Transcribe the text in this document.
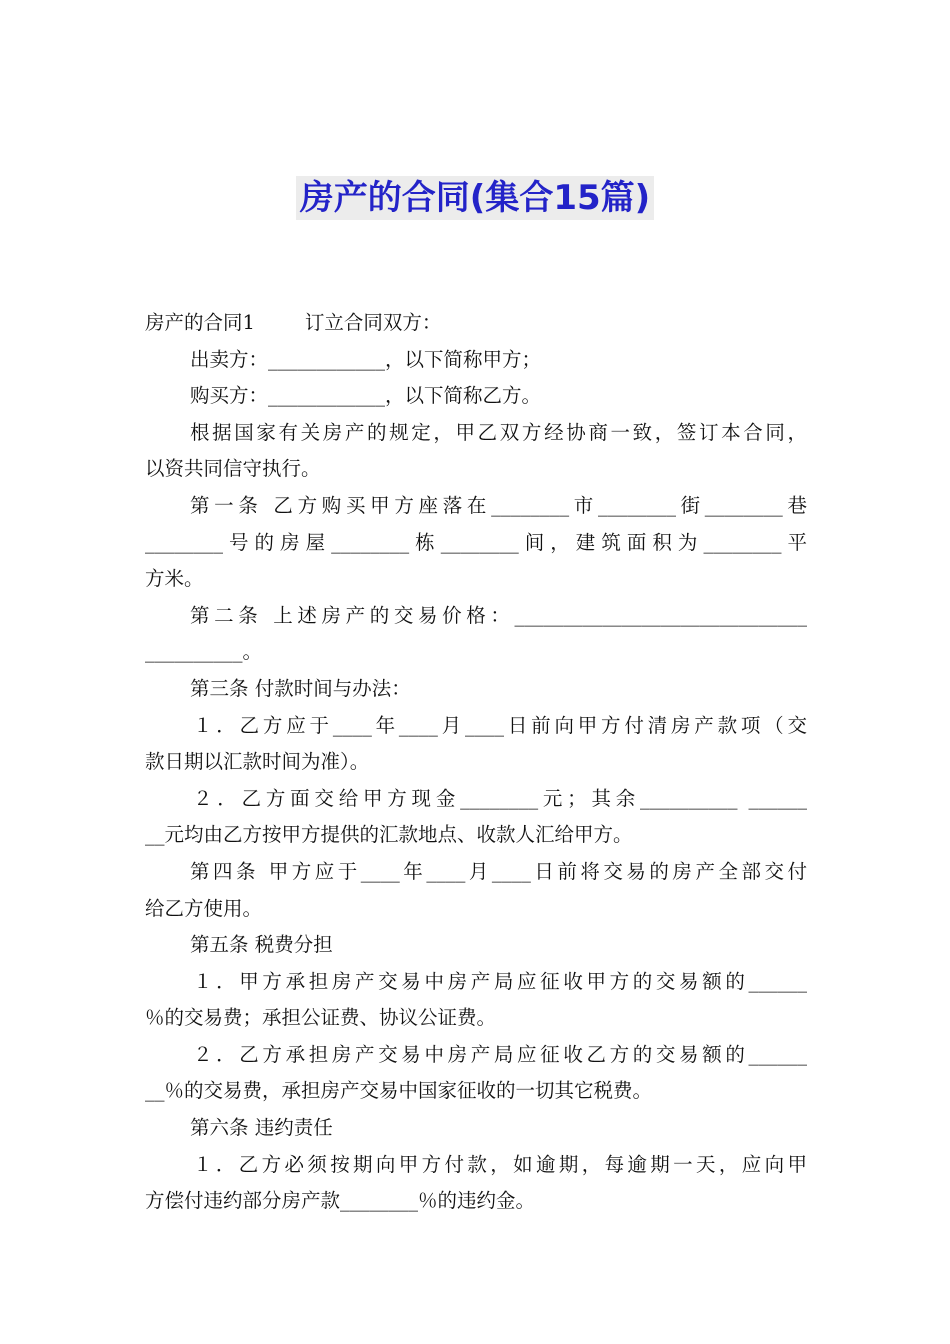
房产的合同(集合15篇)
房产的合同1	订立合同双方：
出卖方：____________，以下简称甲方；
购买方：____________，以下简称乙方。
根据国家有关房产的规定，甲乙双方经协商一致，签订本合同，
以资共同信守执行。
第一条 乙方购买甲方座落在________市________街________巷
________号的房屋________栋________间，建筑面积为________平
方米。
第二条 上述房产的交易价格：______________________________
__________。
第三条 付款时间与办法：
１．乙方应于____年____月____日前向甲方付清房产款项（交
款日期以汇款时间为准）。
２．乙方面交给甲方现金________元；其余__________ ______
__元均由乙方按甲方提供的汇款地点、收款人汇给甲方。
第四条 甲方应于____年____月____日前将交易的房产全部交付
给乙方使用。
第五条 税费分担
１．甲方承担房产交易中房产局应征收甲方的交易额的______
％的交易费；承担公证费、协议公证费。
２．乙方承担房产交易中房产局应征收乙方的交易额的______
__％的交易费，承担房产交易中国家征收的一切其它税费。
第六条 违约责任
１．乙方必须按期向甲方付款，如逾期，每逾期一天，应向甲
方偿付违约部分房产款________％的违约金。
